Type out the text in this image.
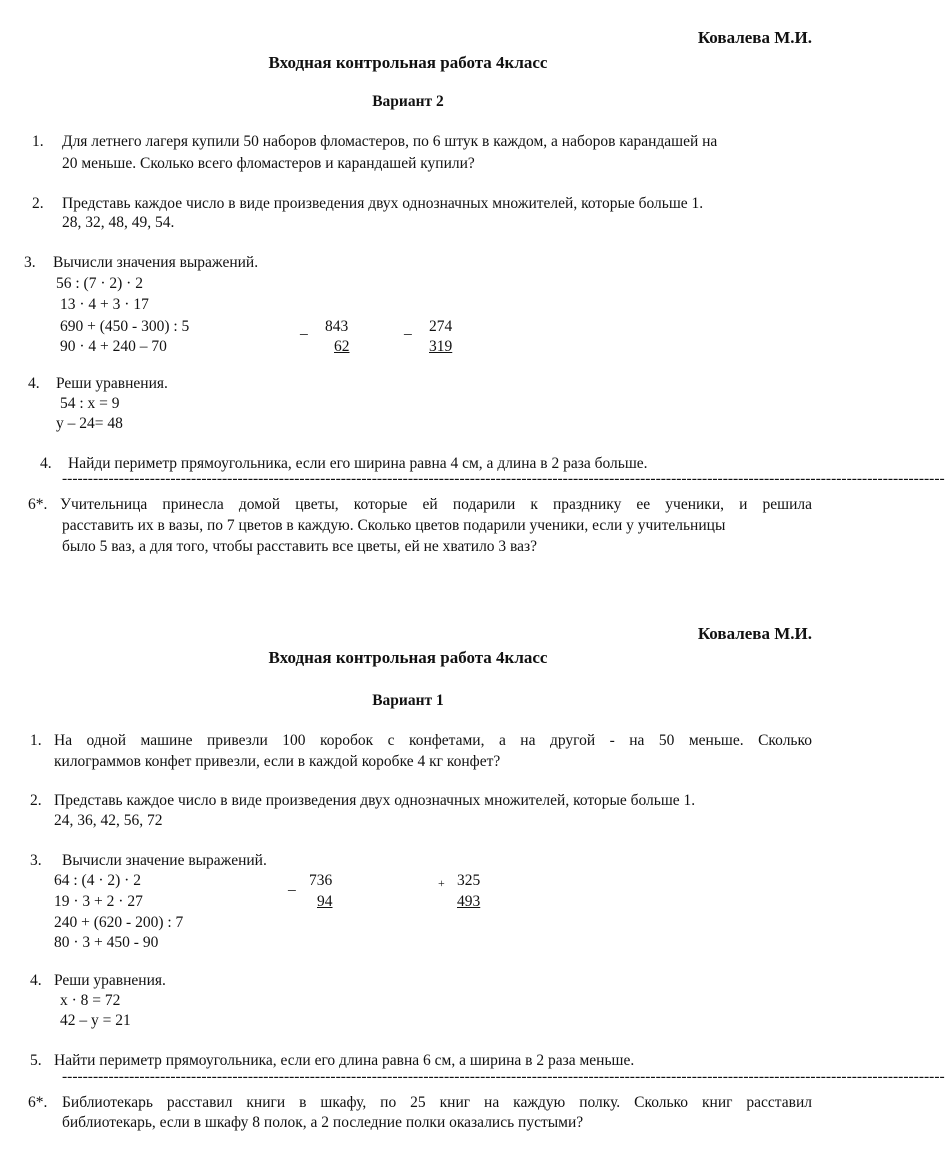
Ковалева М.И.
Входная контрольная работа 4класс
Вариант 2
1. Для летнего лагеря купили 50 наборов фломастеров, по 6 штук в каждом, а наборов карандашей на
20 меньше. Сколько всего фломастеров и карандашей купили?
2. Представь каждое число в виде произведения двух однозначных множителей, которые больше 1.
28, 32, 48, 49, 54.
3. Вычисли значения выражений.
56 : (7 · 2) · 2
13 · 4 + 3 · 17
690 + (450 - 300) : 5
90 · 4 + 240 – 70
_ 843
62
_ 274
319
4. Реши уравнения.
54 : х = 9
у – 24= 48
4. Найди периметр прямоугольника, если его ширина равна 4 см, а длина в 2 раза больше.
---------------------------------------------------------------------------------------------------------------------------------------------------------------------------
6*. Учительница принесла домой цветы, которые ей подарили к празднику ее ученики, и решила
расставить их в вазы, по 7 цветов в каждую. Сколько цветов подарили ученики, если у учительницы
было 5 ваз, а для того, чтобы расставить все цветы, ей не хватило 3 ваз?
Ковалева М.И.
Входная контрольная работа 4класс
Вариант 1
1. На одной машине привезли 100 коробок с конфетами, а на другой - на 50 меньше. Сколько
килограммов конфет привезли, если в каждой коробке 4 кг конфет?
2. Представь каждое число в виде произведения двух однозначных множителей, которые больше 1.
24, 36, 42, 56, 72
3. Вычисли значение выражений.
64 : (4 · 2) · 2
19 · 3 + 2 · 27
240 + (620 - 200) : 7
80 · 3 + 450 - 90
_ 736
94
+ 325
493
4. Реши уравнения.
х · 8 = 72
42 – у = 21
5. Найти периметр прямоугольника, если его длина равна 6 см, а ширина в 2 раза меньше.
---------------------------------------------------------------------------------------------------------------------------------------------------------------------------
6*. Библиотекарь расставил книги в шкафу, по 25 книг на каждую полку. Сколько книг расставил
библиотекарь, если в шкафу 8 полок, а 2 последние полки оказались пустыми?
